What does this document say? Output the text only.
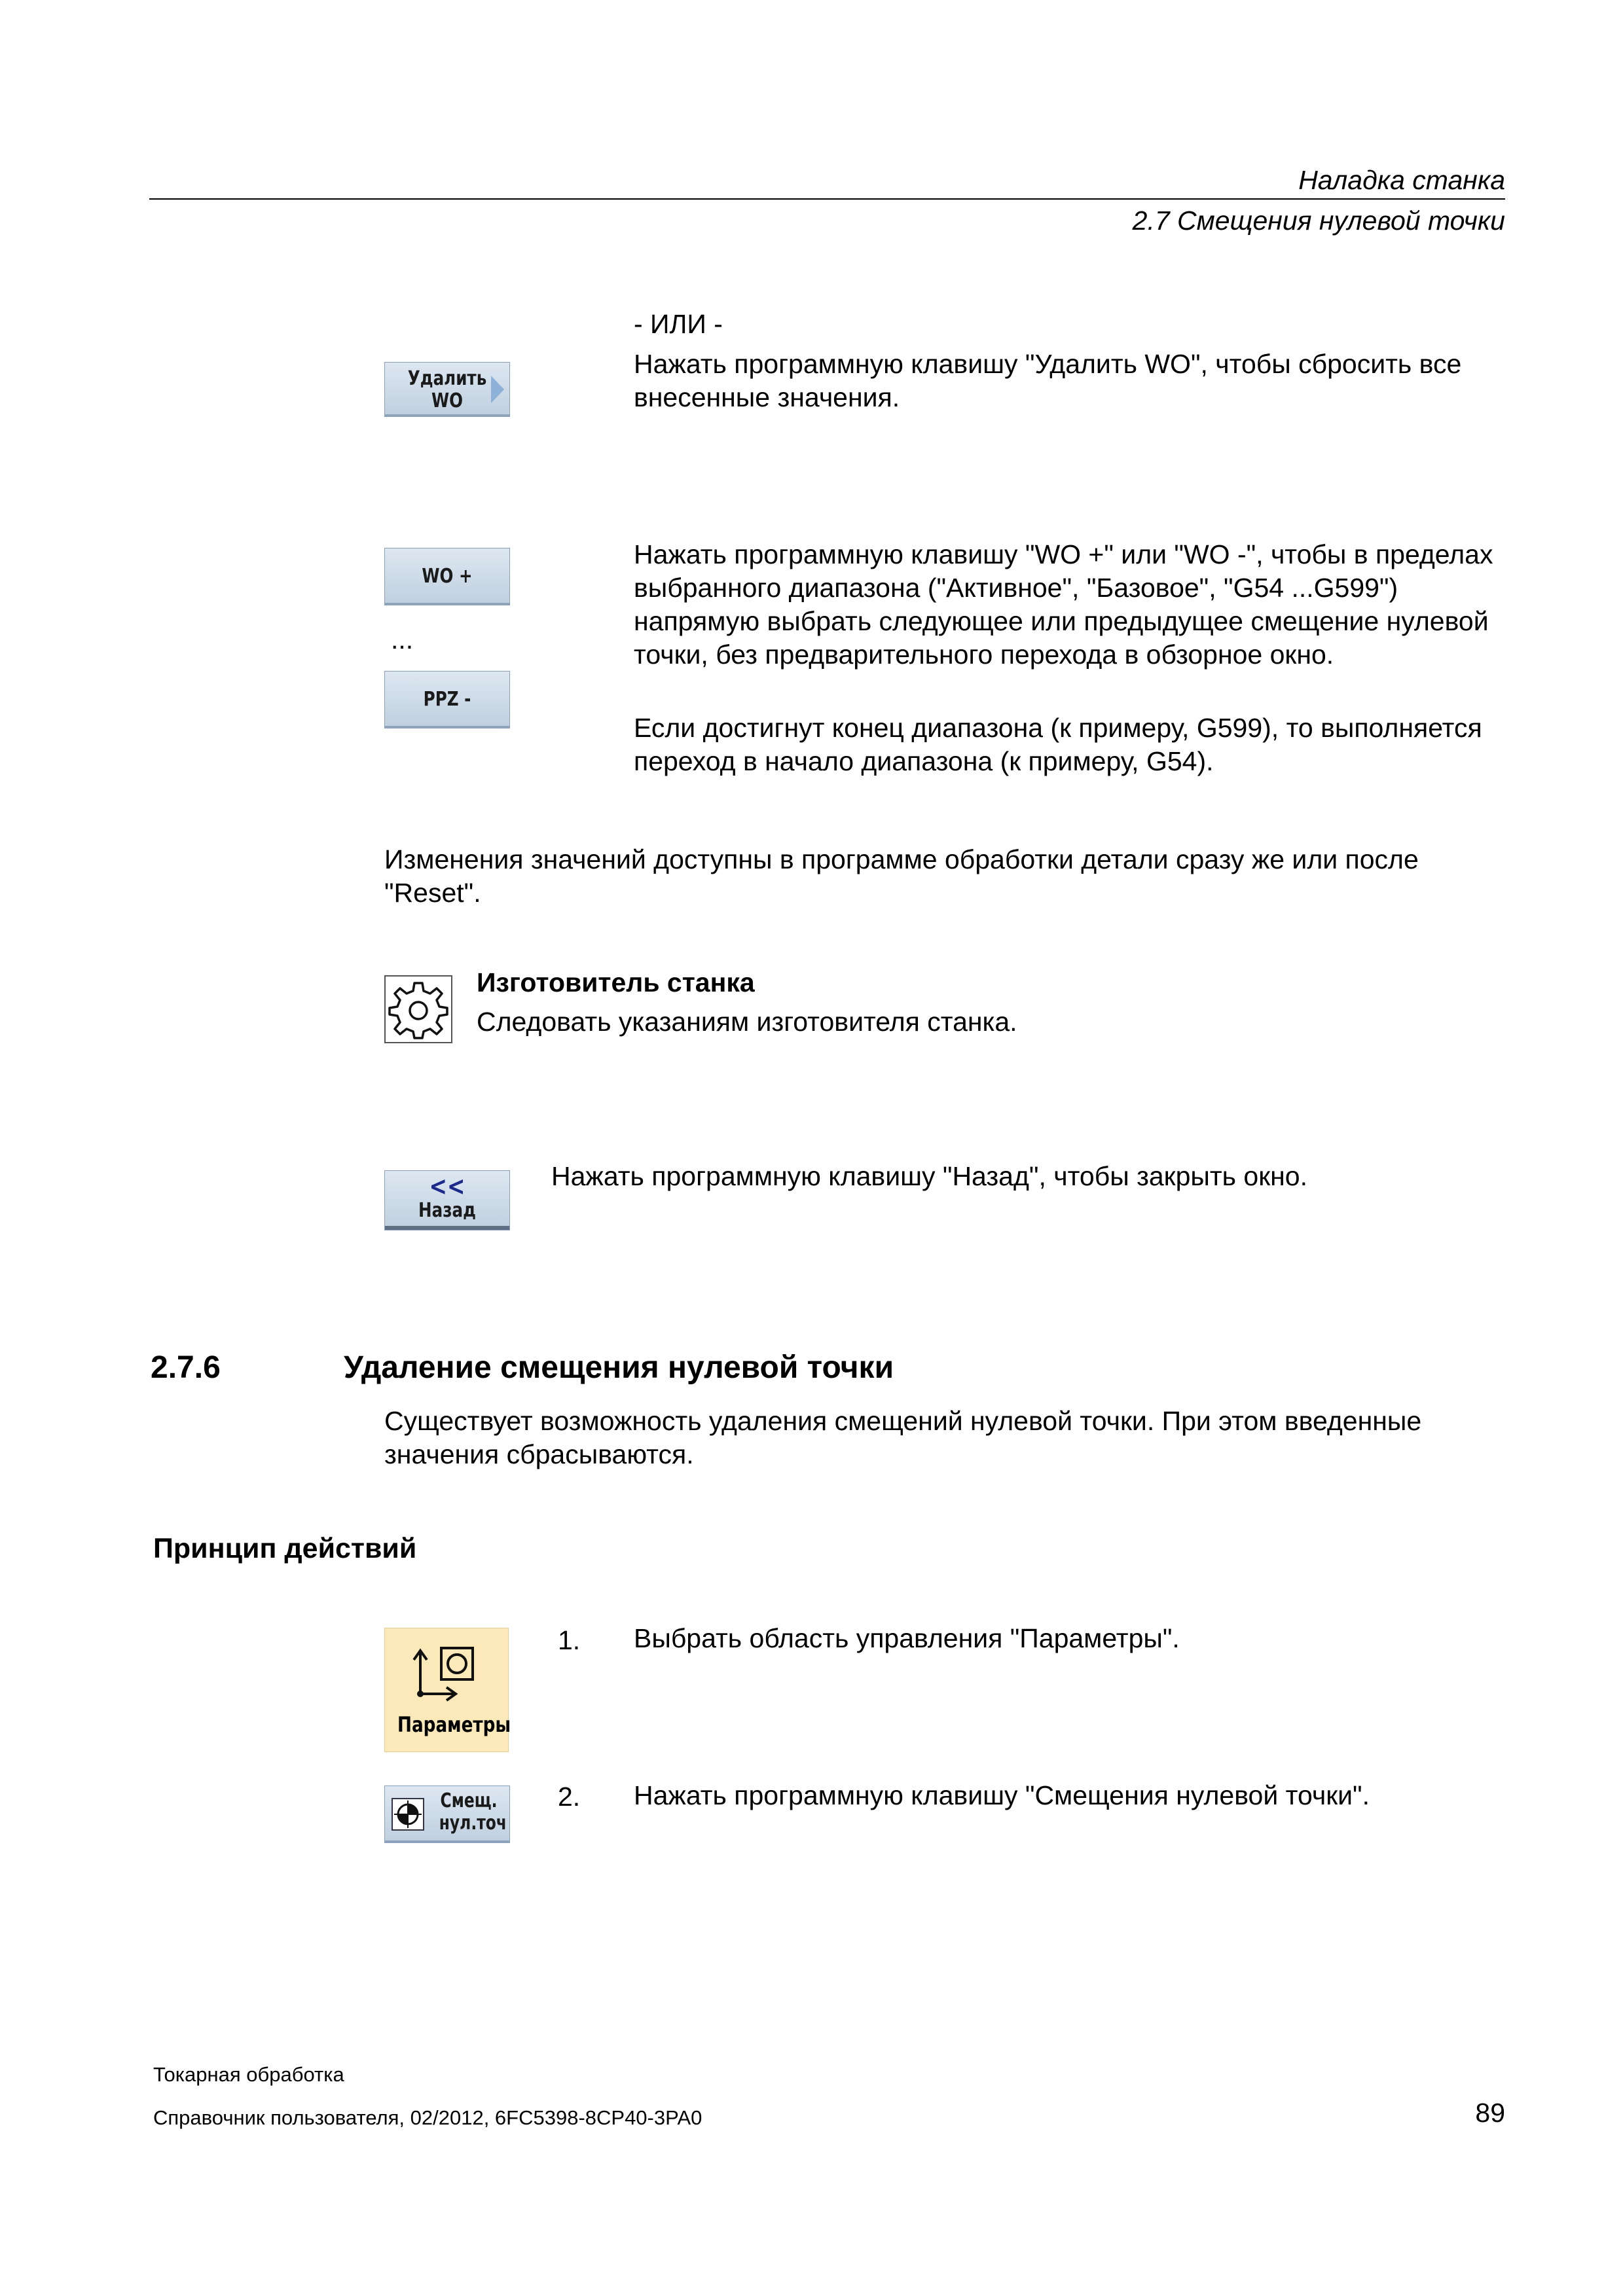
Наладка станка
2.7 Смещения нулевой точки
- ИЛИ -
Удалить
WO
Нажать программную клавишу "Удалить WO", чтобы сбросить все внесенные значения.
WO +
...
PPZ -
Нажать программную клавишу "WO +" или "WO -", чтобы в пределах выбранного диапазона ("Активное", "Базовое", "G54 ...G599") напрямую выбрать следующее или предыдущее смещение нулевой точки, без предварительного перехода в обзорное окно.
Если достигнут конец диапазона (к примеру, G599), то выполняется переход в начало диапазона (к примеру, G54).
Изменения значений доступны в программе обработки детали сразу же или после "Reset".
Изготовитель станка
Следовать указаниям изготовителя станка.
<<
Назад
Нажать программную клавишу "Назад", чтобы закрыть окно.
2.7.6	Удаление смещения нулевой точки
Существует возможность удаления смещений нулевой точки. При этом введенные значения сбрасываются.
Принцип действий
Параметры
1. Выбрать область управления "Параметры".
Смещ.
нул.точ
2. Нажать программную клавишу "Смещения нулевой точки".
Токарная обработка
Справочник пользователя, 02/2012, 6FC5398-8CP40-3PA0	89
